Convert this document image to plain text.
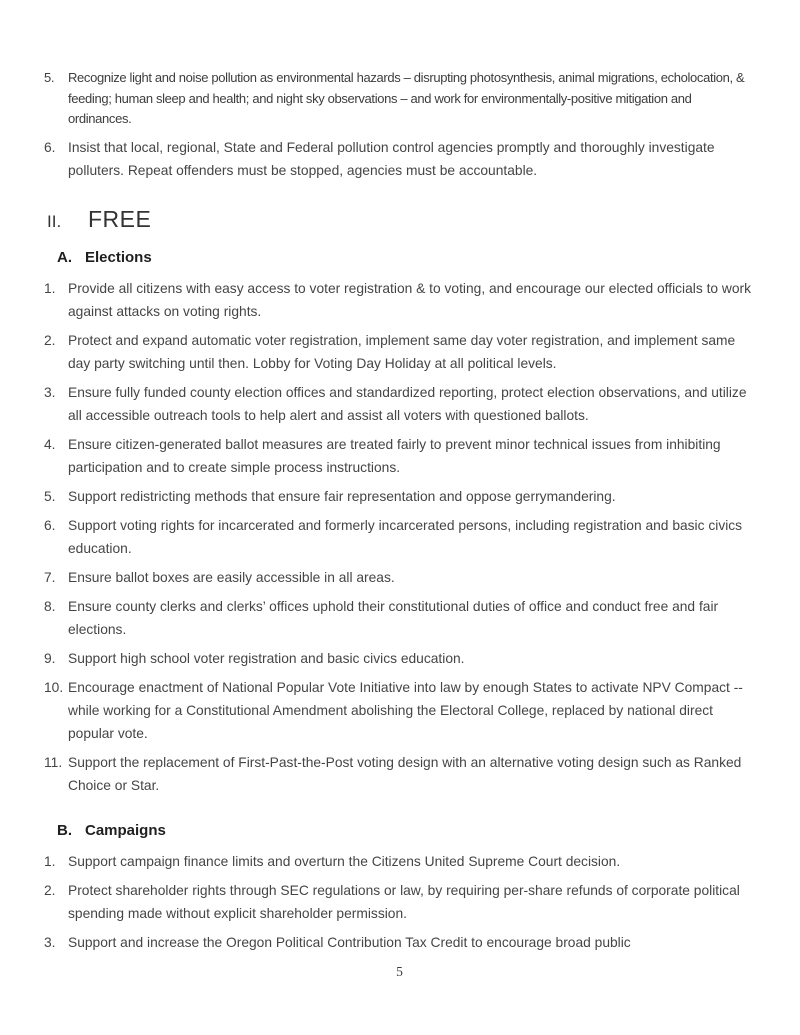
5.	Recognize light and noise pollution as environmental hazards – disrupting photosynthesis, animal migrations, echolocation, & feeding; human sleep and health; and night sky observations – and work for environmentally-positive mitigation and ordinances.
6. Insist that local, regional, State and Federal pollution control agencies promptly and thoroughly investigate polluters. Repeat offenders must be stopped, agencies must be accountable.
II.	FREE
A. Elections
1. Provide all citizens with easy access to voter registration & to voting, and encourage our elected officials to work against attacks on voting rights.
2. Protect and expand automatic voter registration, implement same day voter registration, and implement same day party switching until then. Lobby for Voting Day Holiday at all political levels.
3. Ensure fully funded county election offices and standardized reporting, protect election observations, and utilize all accessible outreach tools to help alert and assist all voters with questioned ballots.
4. Ensure citizen-generated ballot measures are treated fairly to prevent minor technical issues from inhibiting participation and to create simple process instructions.
5. Support redistricting methods that ensure fair representation and oppose gerrymandering.
6. Support voting rights for incarcerated and formerly incarcerated persons, including registration and basic civics education.
7. Ensure ballot boxes are easily accessible in all areas.
8. Ensure county clerks and clerks’ offices uphold their constitutional duties of office and conduct free and fair elections.
9. Support high school voter registration and basic civics education.
10. Encourage enactment of National Popular Vote Initiative into law by enough States to activate NPV Compact -- while working for a Constitutional Amendment abolishing the Electoral College, replaced by national direct popular vote.
11. Support the replacement of First-Past-the-Post voting design with an alternative voting design such as Ranked Choice or Star.
B. Campaigns
1. Support campaign finance limits and overturn the Citizens United Supreme Court decision.
2. Protect shareholder rights through SEC regulations or law, by requiring per-share refunds of corporate political spending made without explicit shareholder permission.
3. Support and increase the Oregon Political Contribution Tax Credit to encourage broad public
5
